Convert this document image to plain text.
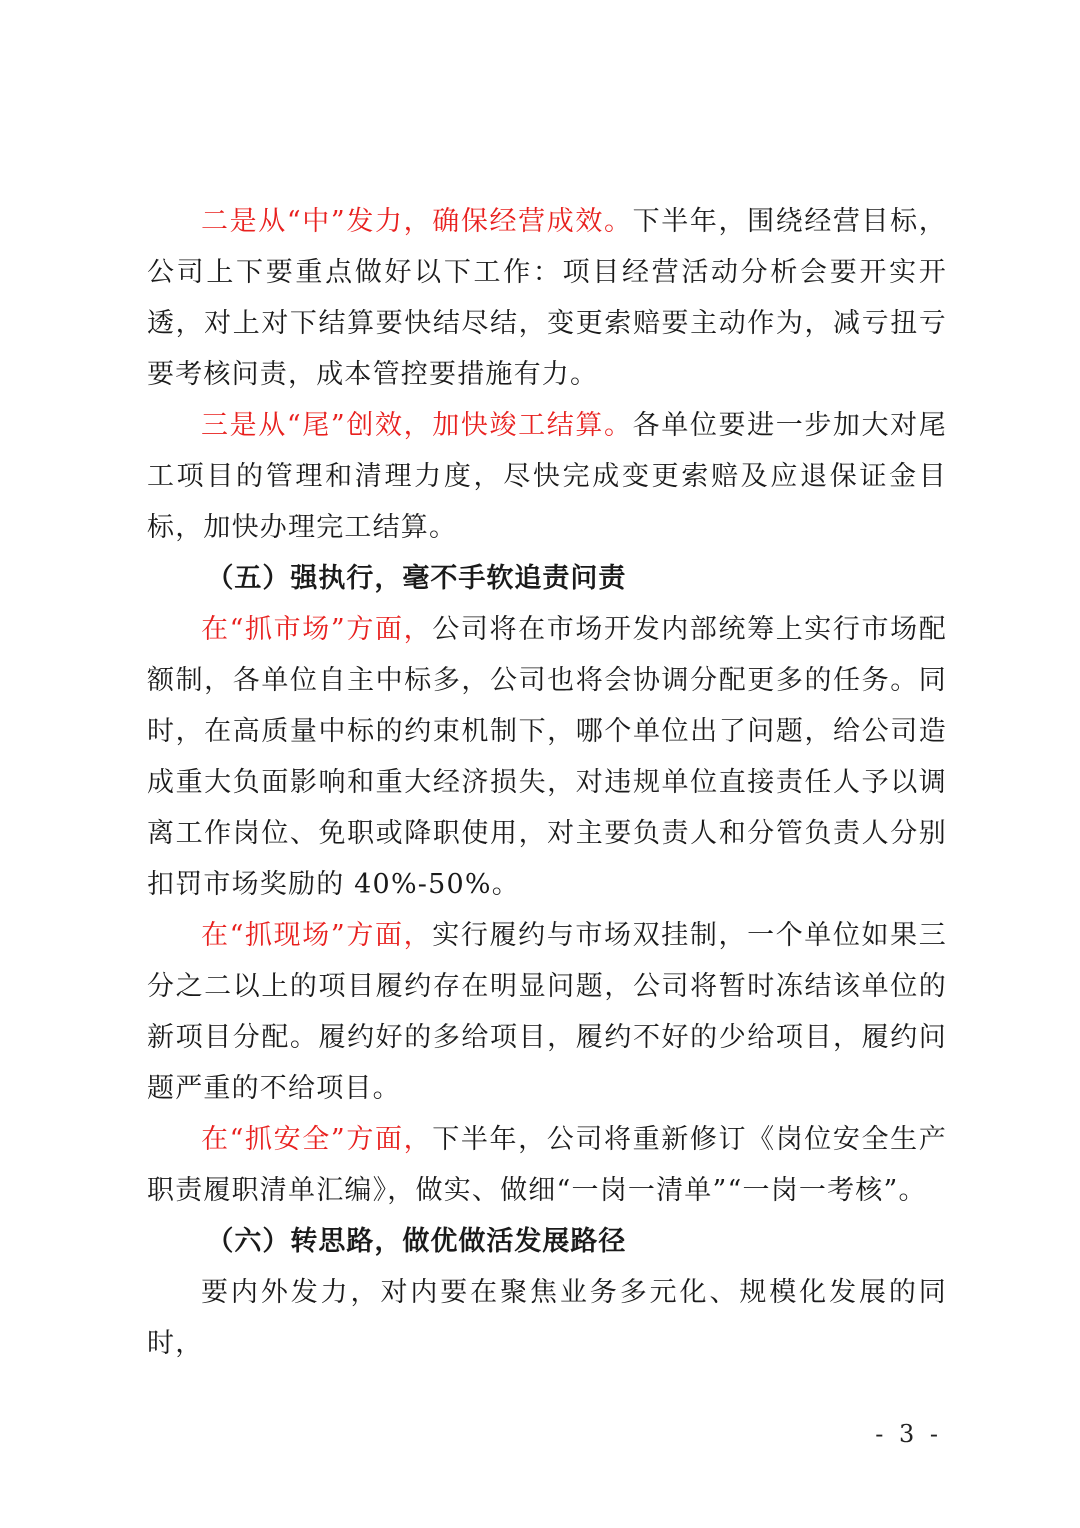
二是从“中”发力，确保经营成效。下半年，围绕经营目标，公司上下要重点做好以下工作：项目经营活动分析会要开实开透，对上对下结算要快结尽结，变更索赔要主动作为，减亏扭亏要考核问责，成本管控要措施有力。

三是从“尾”创效，加快竣工结算。各单位要进一步加大对尾工项目的管理和清理力度，尽快完成变更索赔及应退保证金目标，加快办理完工结算。

（五）强执行，毫不手软追责问责

在“抓市场”方面，公司将在市场开发内部统筹上实行市场配额制，各单位自主中标多，公司也将会协调分配更多的任务。同时，在高质量中标的约束机制下，哪个单位出了问题，给公司造成重大负面影响和重大经济损失，对违规单位直接责任人予以调离工作岗位、免职或降职使用，对主要负责人和分管负责人分别扣罚市场奖励的 40%-50%。

在“抓现场”方面，实行履约与市场双挂制，一个单位如果三分之二以上的项目履约存在明显问题，公司将暂时冻结该单位的新项目分配。履约好的多给项目，履约不好的少给项目，履约问题严重的不给项目。

在“抓安全”方面，下半年，公司将重新修订《岗位安全生产职责履职清单汇编》，做实、做细“一岗一清单”“一岗一考核”。

（六）转思路，做优做活发展路径

要内外发力，对内要在聚焦业务多元化、规模化发展的同时，

- 3 -
